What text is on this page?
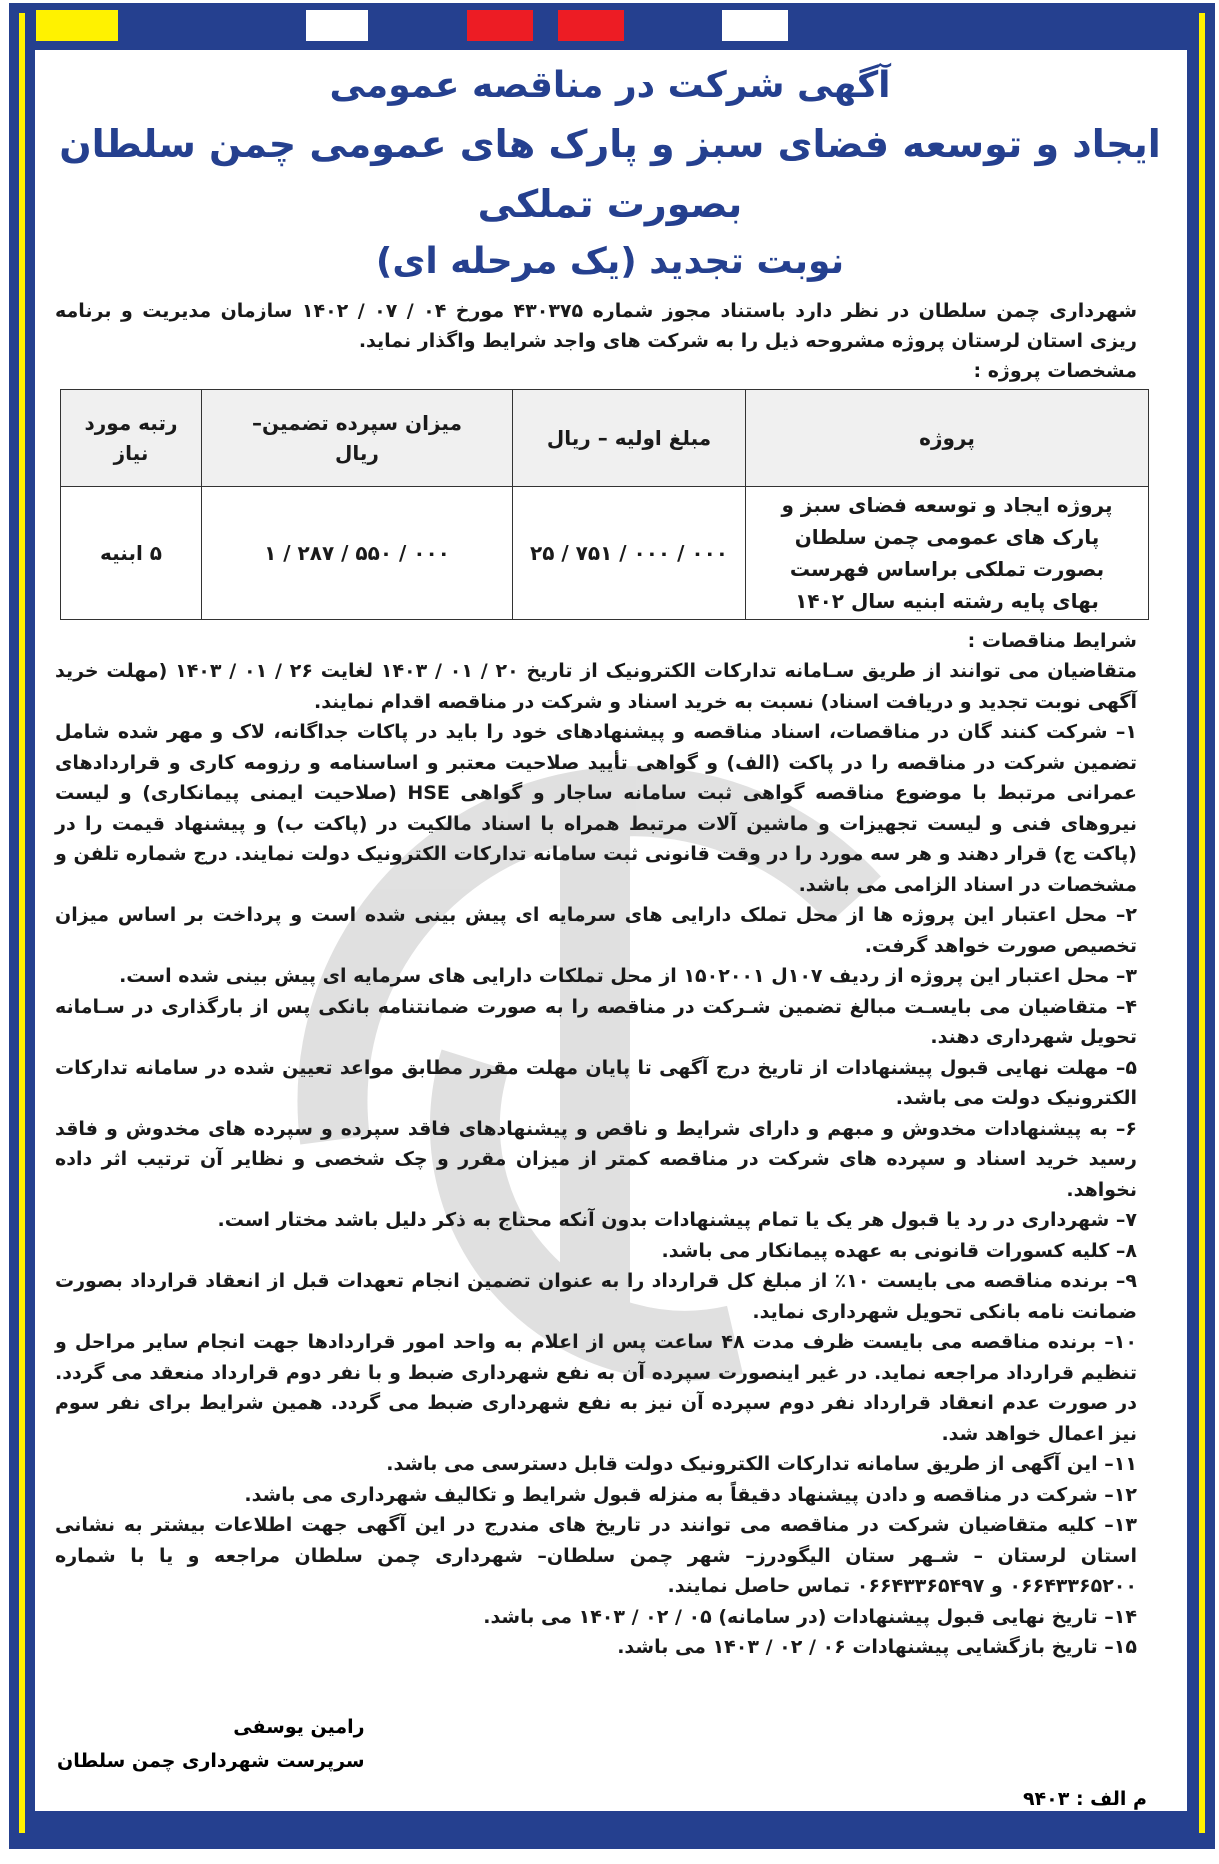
آگهی شرکت در مناقصه عمومی
ایجاد و توسعه فضای سبز و پارک های عمومی چمن سلطان بصورت تملکی
نوبت تجدید (یک مرحله ای)

شهرداری چمن سلطان در نظر دارد باستناد مجوز شماره ۴۳۰۳۷۵ مورخ ۰۴ / ۰۷ / ۱۴۰۲ سازمان مدیریت و برنامه ریزی استان لرستان پروژه مشروحه ذیل را به شرکت های واجد شرایط واگذار نماید.

مشخصات پروژه :

پروژه	مبلغ اولیه – ریال	میزان سپرده تضمین– ریال	رتبه مورد نیاز
پروژه ایجاد و توسعه فضای سبز و پارک های عمومی چمن سلطان بصورت تملکی براساس فهرست بهای پایه رشته ابنیه سال ۱۴۰۲	۰۰۰ / ۰۰۰ / ۷۵۱ / ۲۵	۰۰۰ / ۵۵۰ / ۲۸۷ / ۱	۵ ابنیه

شرایط مناقصات :

متقاضیان می توانند از طریق سـامانه تدارکات الکترونیک از تاریخ ۲۰ / ۰۱ / ۱۴۰۳ لغایت ۲۶ / ۰۱ / ۱۴۰۳ (مهلت خرید آگهی نوبت تجدید و دریافت اسناد) نسبت به خرید اسناد و شرکت در مناقصه اقدام نمایند.

۱– شرکت کنند گان در مناقصات، اسناد مناقصه و پیشنهادهای خود را باید در پاکات جداگانه، لاک و مهر شده شامل تضمین شرکت در مناقصه را در پاکت (الف) و گواهی تأیید صلاحیت معتبر و اساسنامه و رزومه کاری و قراردادهای عمرانی مرتبط با موضوع مناقصه گواهی ثبت سامانه ساجار و گواهی HSE (صلاحیت ایمنی پیمانکاری) و لیست نیروهای فنی و لیست تجهیزات و ماشین آلات مرتبط همراه با اسناد مالکیت در (پاکت ب) و پیشنهاد قیمت را در (پاکت ج) قرار دهند و هر سه مورد را در وقت قانونی ثبت سامانه تدارکات الکترونیک دولت نمایند. درج شماره تلفن و مشخصات در اسناد الزامی می باشد.

۲– محل اعتبار این پروژه ها از محل تملک دارایی های سرمایه ای پیش بینی شده است و پرداخت بر اساس میزان تخصیص صورت خواهد گرفت.

۳– محل اعتبار این پروژه از ردیف ۱۰۷ل ۱۵۰۲۰۰۱ از محل تملکات دارایی های سرمایه ای پیش بینی شده است.

۴– متقاضیان می بایسـت مبالغ تضمین شـرکت در مناقصه را به صورت ضمانتنامه بانکی پس از بارگذاری در سـامانه تحویل شهرداری دهند.

۵– مهلت نهایی قبول پیشنهادات از تاریخ درج آگهی تا پایان مهلت مقرر مطابق مواعد تعیین شده در سامانه تدارکات الکترونیک دولت می باشد.

۶– به پیشنهادات مخدوش و مبهم و دارای شرایط و ناقص و پیشنهادهای فاقد سپرده و سپرده های مخدوش و فاقد رسید خرید اسناد و سپرده های شرکت در مناقصه کمتر از میزان مقرر و چک شخصی و نظایر آن ترتیب اثر داده نخواهد.

۷– شهرداری در رد یا قبول هر یک یا تمام پیشنهادات بدون آنکه محتاج به ذکر دلیل باشد مختار است.

۸– کلیه کسورات قانونی به عهده پیمانکار می باشد.

۹– برنده مناقصه می بایست ۱۰٪ از مبلغ کل قرارداد را به عنوان تضمین انجام تعهدات قبل از انعقاد قرارداد بصورت ضمانت نامه بانکی تحویل شهرداری نماید.

۱۰– برنده مناقصه می بایست ظرف مدت ۴۸ ساعت پس از اعلام به واحد امور قراردادها جهت انجام سایر مراحل و تنظیم قرارداد مراجعه نماید. در غیر اینصورت سپرده آن به نفع شهرداری ضبط و با نفر دوم قرارداد منعقد می گردد. در صورت عدم انعقاد قرارداد نفر دوم سپرده آن نیز به نفع شهرداری ضبط می گردد. همین شرایط برای نفر سوم نیز اعمال خواهد شد.

۱۱– این آگهی از طریق سامانه تدارکات الکترونیک دولت قابل دسترسی می باشد.

۱۲– شرکت در مناقصه و دادن پیشنهاد دقیقاً به منزله قبول شرایط و تکالیف شهرداری می باشد.

۱۳– کلیه متقاضیان شرکت در مناقصه می توانند در تاریخ های مندرج در این آگهی جهت اطلاعات بیشتر به نشانی استان لرستان – شـهر ستان الیگودرز– شهر چمن سلطان– شهرداری چمن سلطان مراجعه و یا با شماره ۰۶۶۴۳۳۶۵۲۰۰ و ۰۶۶۴۳۳۶۵۴۹۷ تماس حاصل نمایند.

۱۴– تاریخ نهایی قبول پیشنهادات (در سامانه) ۰۵ / ۰۲ / ۱۴۰۳ می باشد.

۱۵– تاریخ بازگشایی پیشنهادات ۰۶ / ۰۲ / ۱۴۰۳ می باشد.

رامین یوسفی
سرپرست شهرداری چمن سلطان
م الف : ۹۴۰۳
